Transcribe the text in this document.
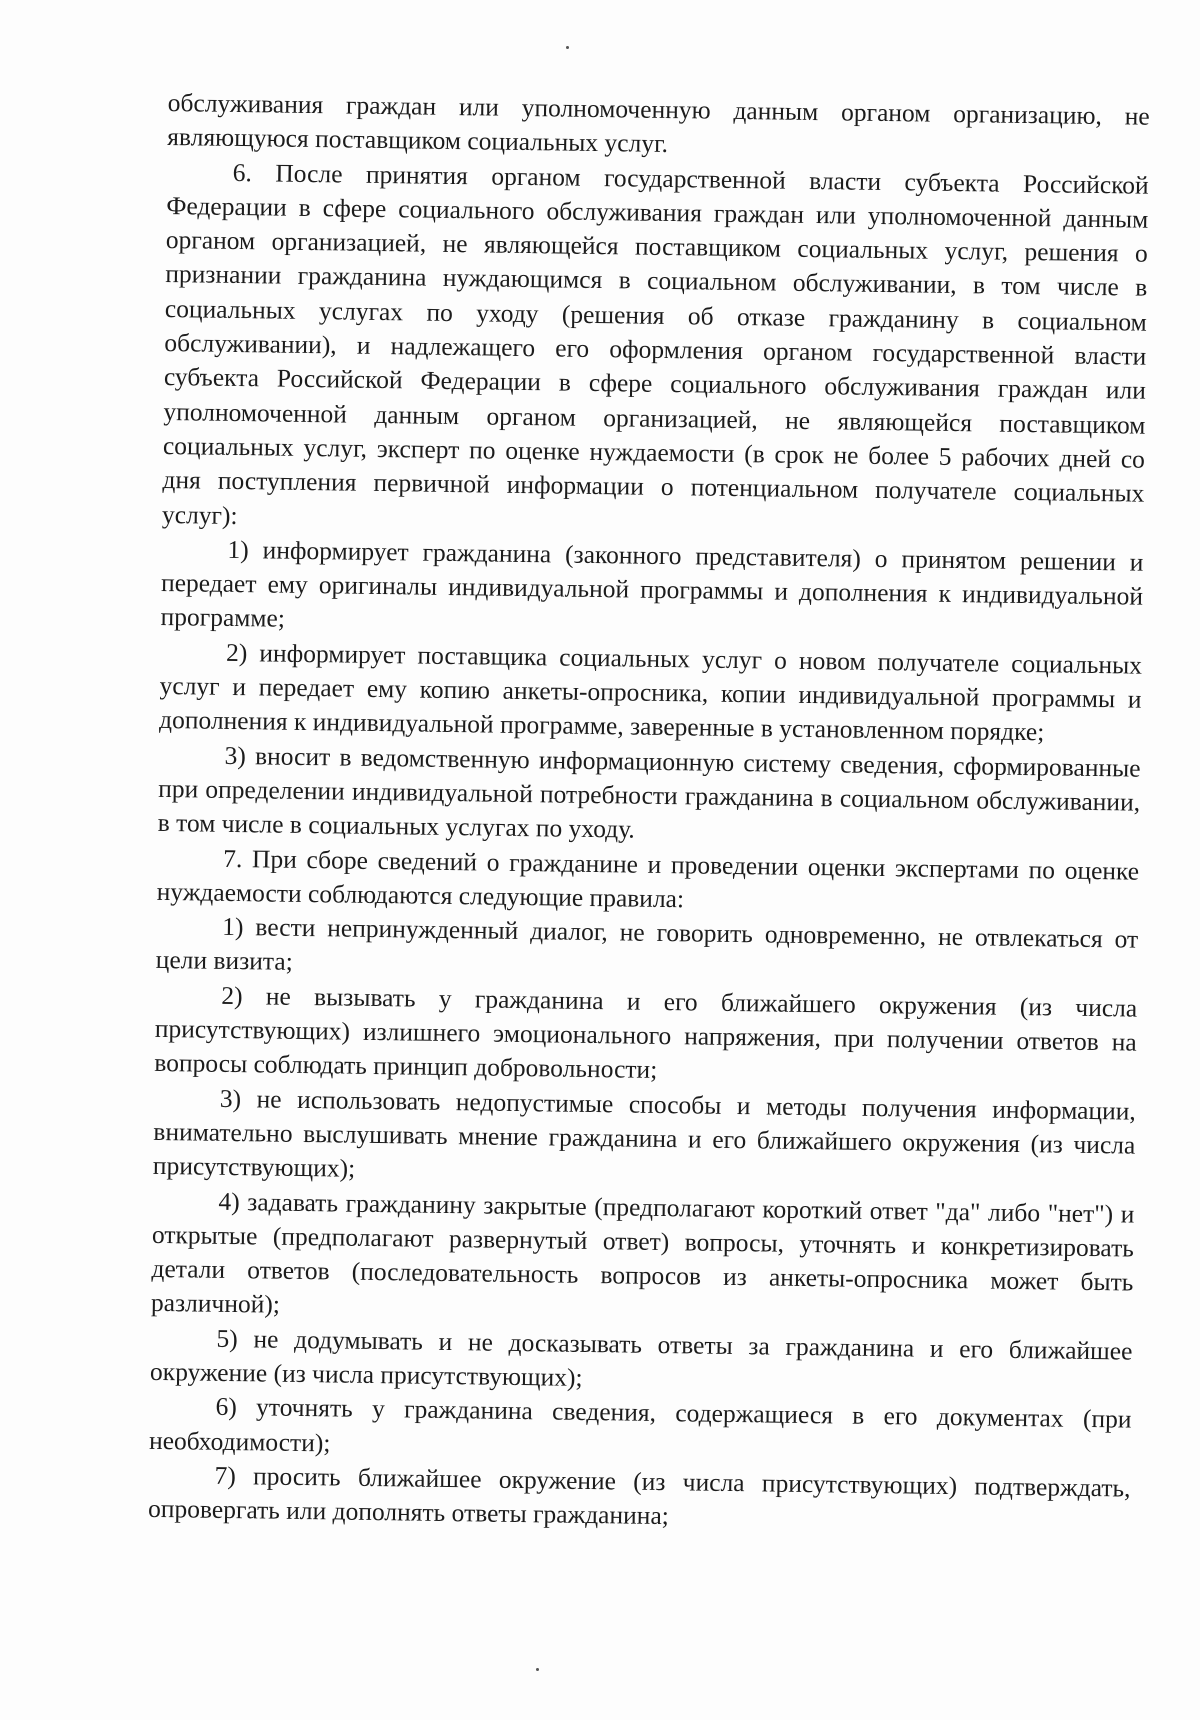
обслуживания граждан или уполномоченную данным органом организацию, не являющуюся поставщиком социальных услуг.

6. После принятия органом государственной власти субъекта Российской Федерации в сфере социального обслуживания граждан или уполномоченной данным органом организацией, не являющейся поставщиком социальных услуг, решения о признании гражданина нуждающимся в социальном обслуживании, в том числе в социальных услугах по уходу (решения об отказе гражданину в социальном обслуживании), и надлежащего его оформления органом государственной власти субъекта Российской Федерации в сфере социального обслуживания граждан или уполномоченной данным органом организацией, не являющейся поставщиком социальных услуг, эксперт по оценке нуждаемости (в срок не более 5 рабочих дней со дня поступления первичной информации о потенциальном получателе социальных услуг):

1) информирует гражданина (законного представителя) о принятом решении и передает ему оригиналы индивидуальной программы и дополнения к индивидуальной программе;

2) информирует поставщика социальных услуг о новом получателе социальных услуг и передает ему копию анкеты-опросника, копии индивидуальной программы и дополнения к индивидуальной программе, заверенные в установленном порядке;

3) вносит в ведомственную информационную систему сведения, сформированные при определении индивидуальной потребности гражданина в социальном обслуживании, в том числе в социальных услугах по уходу.

7. При сборе сведений о гражданине и проведении оценки экспертами по оценке нуждаемости соблюдаются следующие правила:

1) вести непринужденный диалог, не говорить одновременно, не отвлекаться от цели визита;

2) не вызывать у гражданина и его ближайшего окружения (из числа присутствующих) излишнего эмоционального напряжения, при получении ответов на вопросы соблюдать принцип добровольности;

3) не использовать недопустимые способы и методы получения информации, внимательно выслушивать мнение гражданина и его ближайшего окружения (из числа присутствующих);

4) задавать гражданину закрытые (предполагают короткий ответ "да" либо "нет") и открытые (предполагают развернутый ответ) вопросы, уточнять и конкретизировать детали ответов (последовательность вопросов из анкеты-опросника может быть различной);

5) не додумывать и не досказывать ответы за гражданина и его ближайшее окружение (из числа присутствующих);

6) уточнять у гражданина сведения, содержащиеся в его документах (при необходимости);

7) просить ближайшее окружение (из числа присутствующих) подтверждать, опровергать или дополнять ответы гражданина;
